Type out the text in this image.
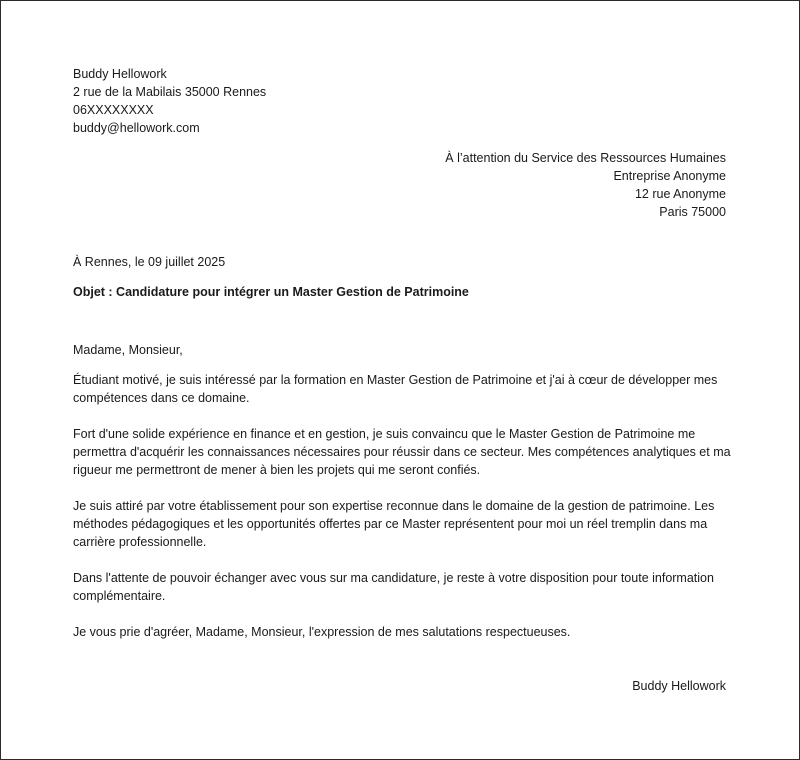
Buddy Hellowork
2 rue de la Mabilais 35000 Rennes
06XXXXXXXX
buddy@hellowork.com
À l’attention du Service des Ressources Humaines
Entreprise Anonyme
12 rue Anonyme
Paris 75000
À Rennes, le 09 juillet 2025
Objet : Candidature pour intégrer un Master Gestion de Patrimoine
Madame, Monsieur,
Étudiant motivé, je suis intéressé par la formation en Master Gestion de Patrimoine et j'ai à cœur de développer mes compétences dans ce domaine.
Fort d'une solide expérience en finance et en gestion, je suis convaincu que le Master Gestion de Patrimoine me permettra d'acquérir les connaissances nécessaires pour réussir dans ce secteur. Mes compétences analytiques et ma rigueur me permettront de mener à bien les projets qui me seront confiés.
Je suis attiré par votre établissement pour son expertise reconnue dans le domaine de la gestion de patrimoine. Les méthodes pédagogiques et les opportunités offertes par ce Master représentent pour moi un réel tremplin dans ma carrière professionnelle.
Dans l'attente de pouvoir échanger avec vous sur ma candidature, je reste à votre disposition pour toute information complémentaire.
Je vous prie d'agréer, Madame, Monsieur, l'expression de mes salutations respectueuses.
Buddy Hellowork
